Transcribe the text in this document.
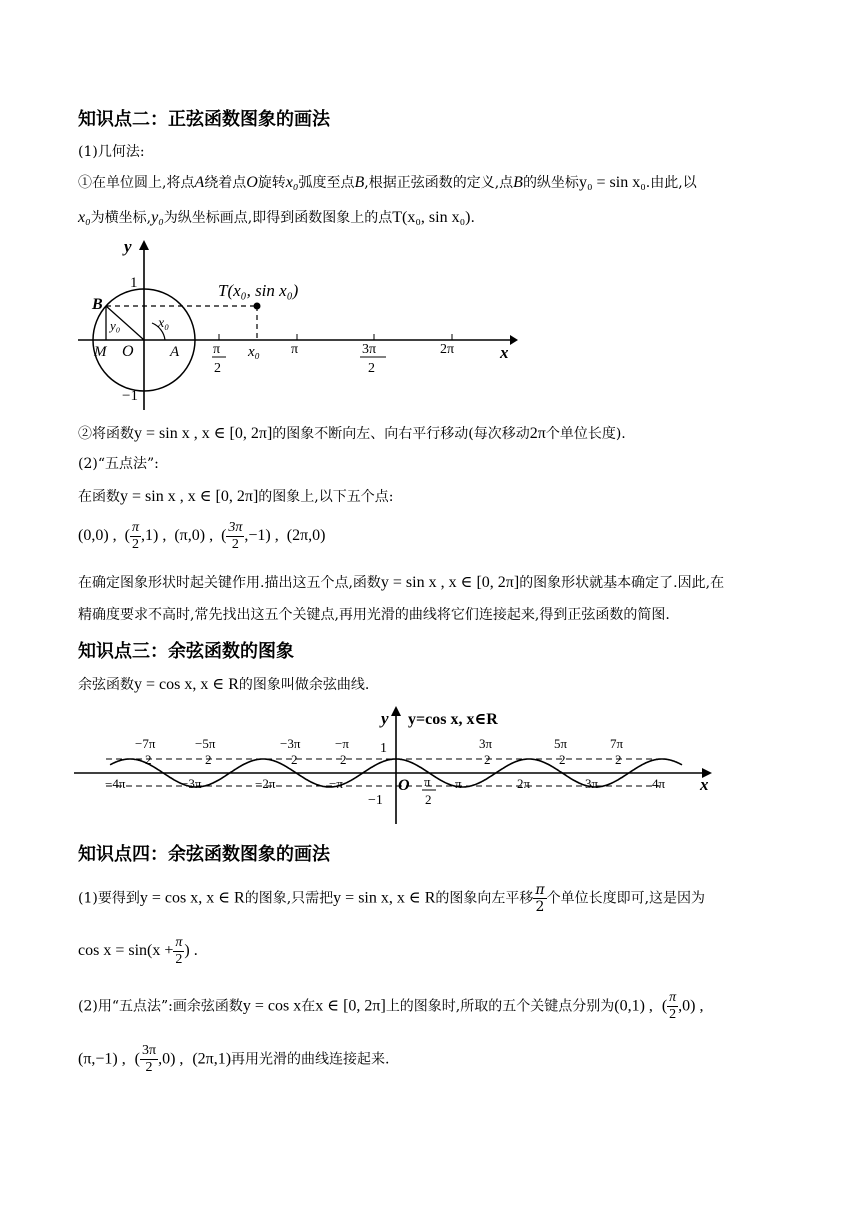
知识点二：正弦函数图象的画法
(1)几何法:
①在单位圆上,将点A绕着点O旋转x₀弧度至点B,根据正弦函数的定义,点B的纵坐标y₀ = sin x₀.由此,以
x₀为横坐标,y₀为纵坐标画点,即得到函数图象上的点T(x₀, sin x₀).
y
1	T(x₀, sin x₀)
B
y₀	x₀
M O A π
2
x₀ π	3π
2
2π	x
−1
②将函数y = sin x , x ∈ [0, 2π]的图象不断向左、向右平行移动(每次移动2π个单位长度).
(2)“五点法”:
在函数y = sin x , x ∈ [0, 2π]的图象上,以下五个点:
(0,0) , ( $\frac{\pi}{2} ,1$) , (π,0) , ( $\frac{3\pi}{2} ,-1$) , (2π,0)
在确定图象形状时起关键作用.描出这五个点,函数y = sin x , x ∈ [0, 2π]的图象形状就基本确定了.因此,在
精确度要求不高时,常先找出这五个关键点,再用光滑的曲线将它们连接起来,得到正弦函数的简图.
知识点三：余弦函数的图象
余弦函数y = cos x, x ∈ R的图象叫做余弦曲线.
y y=cos x, x∈R
1
O
−1
x
−7π
2
−5π
2
−3π
2
−π
2
3π
2
5π
2
7π
2
−4π	−3π	−2π	−π	π	2π	3π	4π
π
2
知识点四：余弦函数图象的画法
(1)要得到y = cos x, x ∈ R的图象,只需把y = sin x, x ∈ R的图象向左平移 $\frac{\pi}{2}$ 个单位长度即可,这是因为
$\cos x = \sin(x + \frac{\pi}{2}$ ) .
(2)用“五点法”:画余弦函数y = cos x在x ∈ [0, 2π]上的图象时,所取的五个关键点分别为(0,1) , ( $\frac{\pi}{2} ,0$) ,
(π,−1) , ( $\frac{3\pi}{2} ,0$) , (2π,1)再用光滑的曲线连接起来.
